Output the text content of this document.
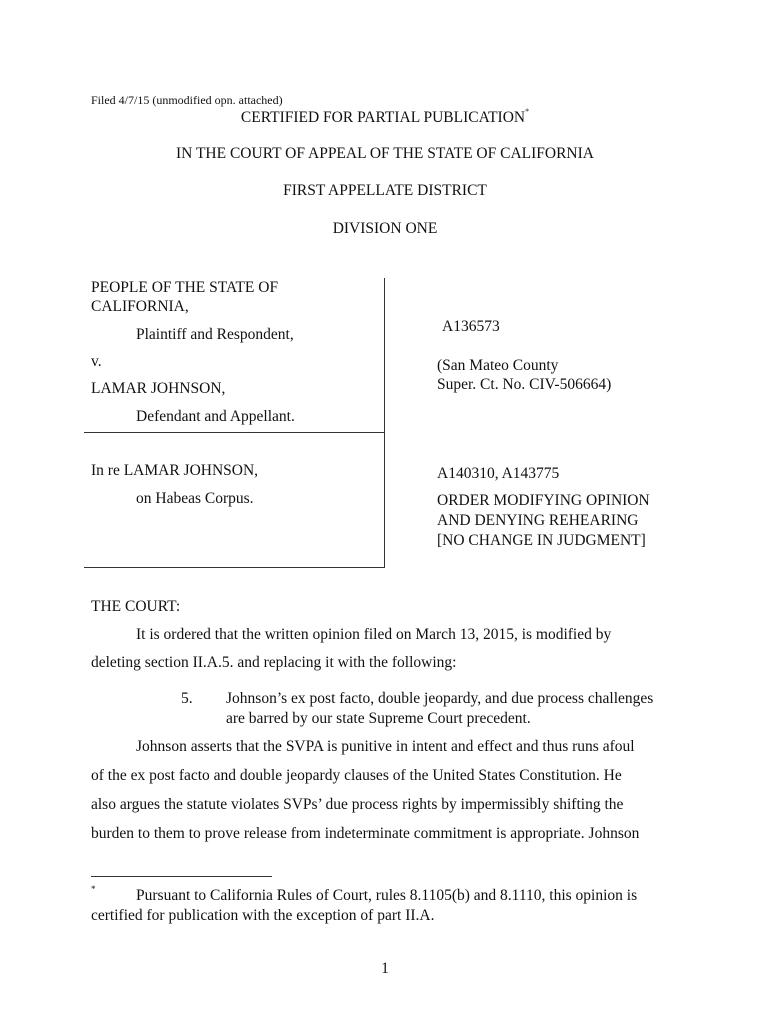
Filed 4/7/15 (unmodified opn. attached)
CERTIFIED FOR PARTIAL PUBLICATION*
IN THE COURT OF APPEAL OF THE STATE OF CALIFORNIA
FIRST APPELLATE DISTRICT
DIVISION ONE
PEOPLE OF THE STATE OF
CALIFORNIA,
Plaintiff and Respondent,
v.
LAMAR JOHNSON,
Defendant and Appellant.
A136573
(San Mateo County
Super. Ct. No. CIV-506664)
In re LAMAR JOHNSON,
on Habeas Corpus.
A140310, A143775
ORDER MODIFYING OPINION
AND DENYING REHEARING
[NO CHANGE IN JUDGMENT]
THE COURT:
It is ordered that the written opinion filed on March 13, 2015, is modified by
deleting section II.A.5. and replacing it with the following:
5. Johnson’s ex post facto, double jeopardy, and due process challenges
are barred by our state Supreme Court precedent.
Johnson asserts that the SVPA is punitive in intent and effect and thus runs afoul
of the ex post facto and double jeopardy clauses of the United States Constitution. He
also argues the statute violates SVPs’ due process rights by impermissibly shifting the
burden to them to prove release from indeterminate commitment is appropriate. Johnson
*	Pursuant to California Rules of Court, rules 8.1105(b) and 8.1110, this opinion is
certified for publication with the exception of part II.A.
1
